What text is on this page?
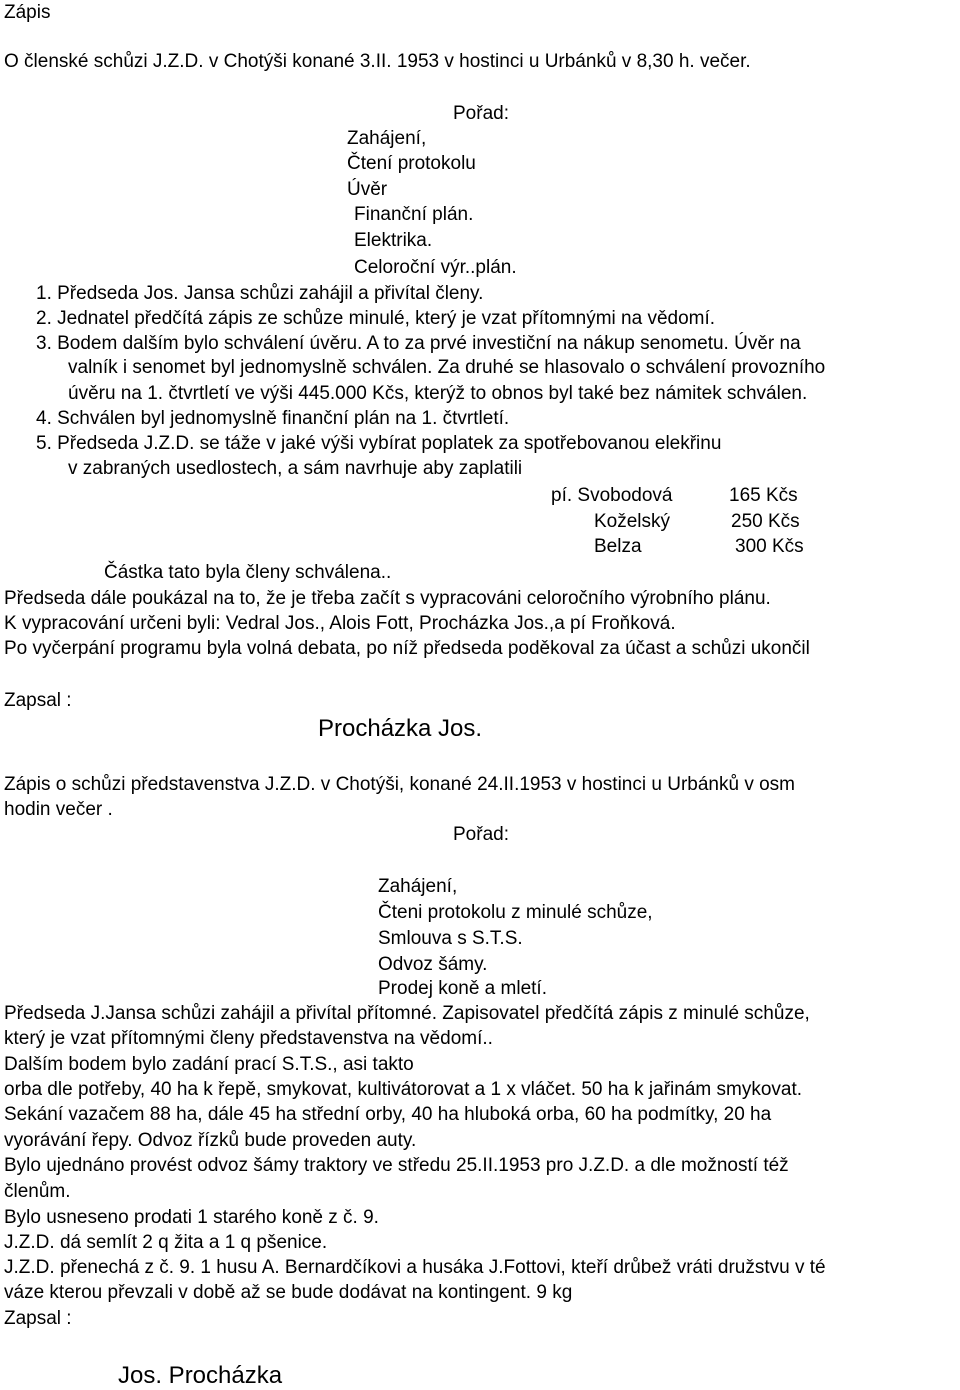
Zápis

O členské schůzi J.Z.D. v Chotýši konané 3.II. 1953 v hostinci u Urbánků v 8,30 h. večer.

Pořad:

Zahájení,

Čtení protokolu

Úvěr

Finanční plán.

Elektrika.

Celoroční výr..plán.

1. Předseda Jos. Jansa schůzi zahájil a přivítal členy.

2. Jednatel předčítá zápis ze schůze minulé, který je vzat přítomnými na vědomí.

3. Bodem dalším bylo schválení úvěru. A to za prvé investiční na nákup senometu. Úvěr na

valník i senomet byl jednomyslně schválen. Za druhé se hlasovalo o schválení provozního

úvěru na 1. čtvrtletí ve výši 445.000 Kčs, kterýž to obnos byl také bez námitek schválen.

4. Schválen byl jednomyslně finanční plán na 1. čtvrtletí.

5. Předseda J.Z.D. se táže v jaké výši vybírat poplatek za spotřebovanou elekřinu

v zabraných usedlostech, a sám navrhuje aby zaplatili

pí. Svobodová	165 Kčs

Koželský	250 Kčs

Belza	300 Kčs

Částka tato byla členy schválena..

Předseda dále poukázal na to, že je třeba začít s vypracováni celoročního výrobního plánu.

K vypracování určeni byli: Vedral Jos., Alois Fott, Procházka Jos.,a pí Froňková.

Po vyčerpání programu byla volná debata, po níž předseda poděkoval za účast a schůzi ukončil

Zapsal :

Procházka Jos.

Zápis o schůzi představenstva J.Z.D. v Chotýši, konané 24.II.1953 v hostinci u Urbánků v osm

hodin večer .

Pořad:

Zahájení,

Čteni protokolu z minulé schůze,

Smlouva s S.T.S.

Odvoz šámy.

Prodej koně a mletí.

Předseda J.Jansa schůzi zahájil a přivítal přítomné. Zapisovatel předčítá zápis z minulé schůze,

který je vzat přítomnými členy představenstva na vědomí..

Dalším bodem bylo zadání prací S.T.S., asi takto

orba dle potřeby, 40 ha k řepě, smykovat, kultivátorovat a 1 x vláčet. 50 ha k jařinám smykovat.

Sekání vazačem 88 ha, dále 45 ha střední orby, 40 ha hluboká orba, 60 ha podmítky, 20 ha

vyorávání řepy. Odvoz řízků bude proveden auty.

Bylo ujednáno provést odvoz šámy traktory ve středu 25.II.1953 pro J.Z.D. a dle možností též

členům.

Bylo usneseno prodati 1 starého koně z č. 9.

J.Z.D. dá semlít 2 q žita a 1 q pšenice.

J.Z.D. přenechá z č. 9. 1 husu A. Bernardčíkovi a husáka J.Fottovi, kteří drůbež vráti družstvu v té

váze kterou převzali v době až se bude dodávat na kontingent. 9 kg

Zapsal :

Jos. Procházka
